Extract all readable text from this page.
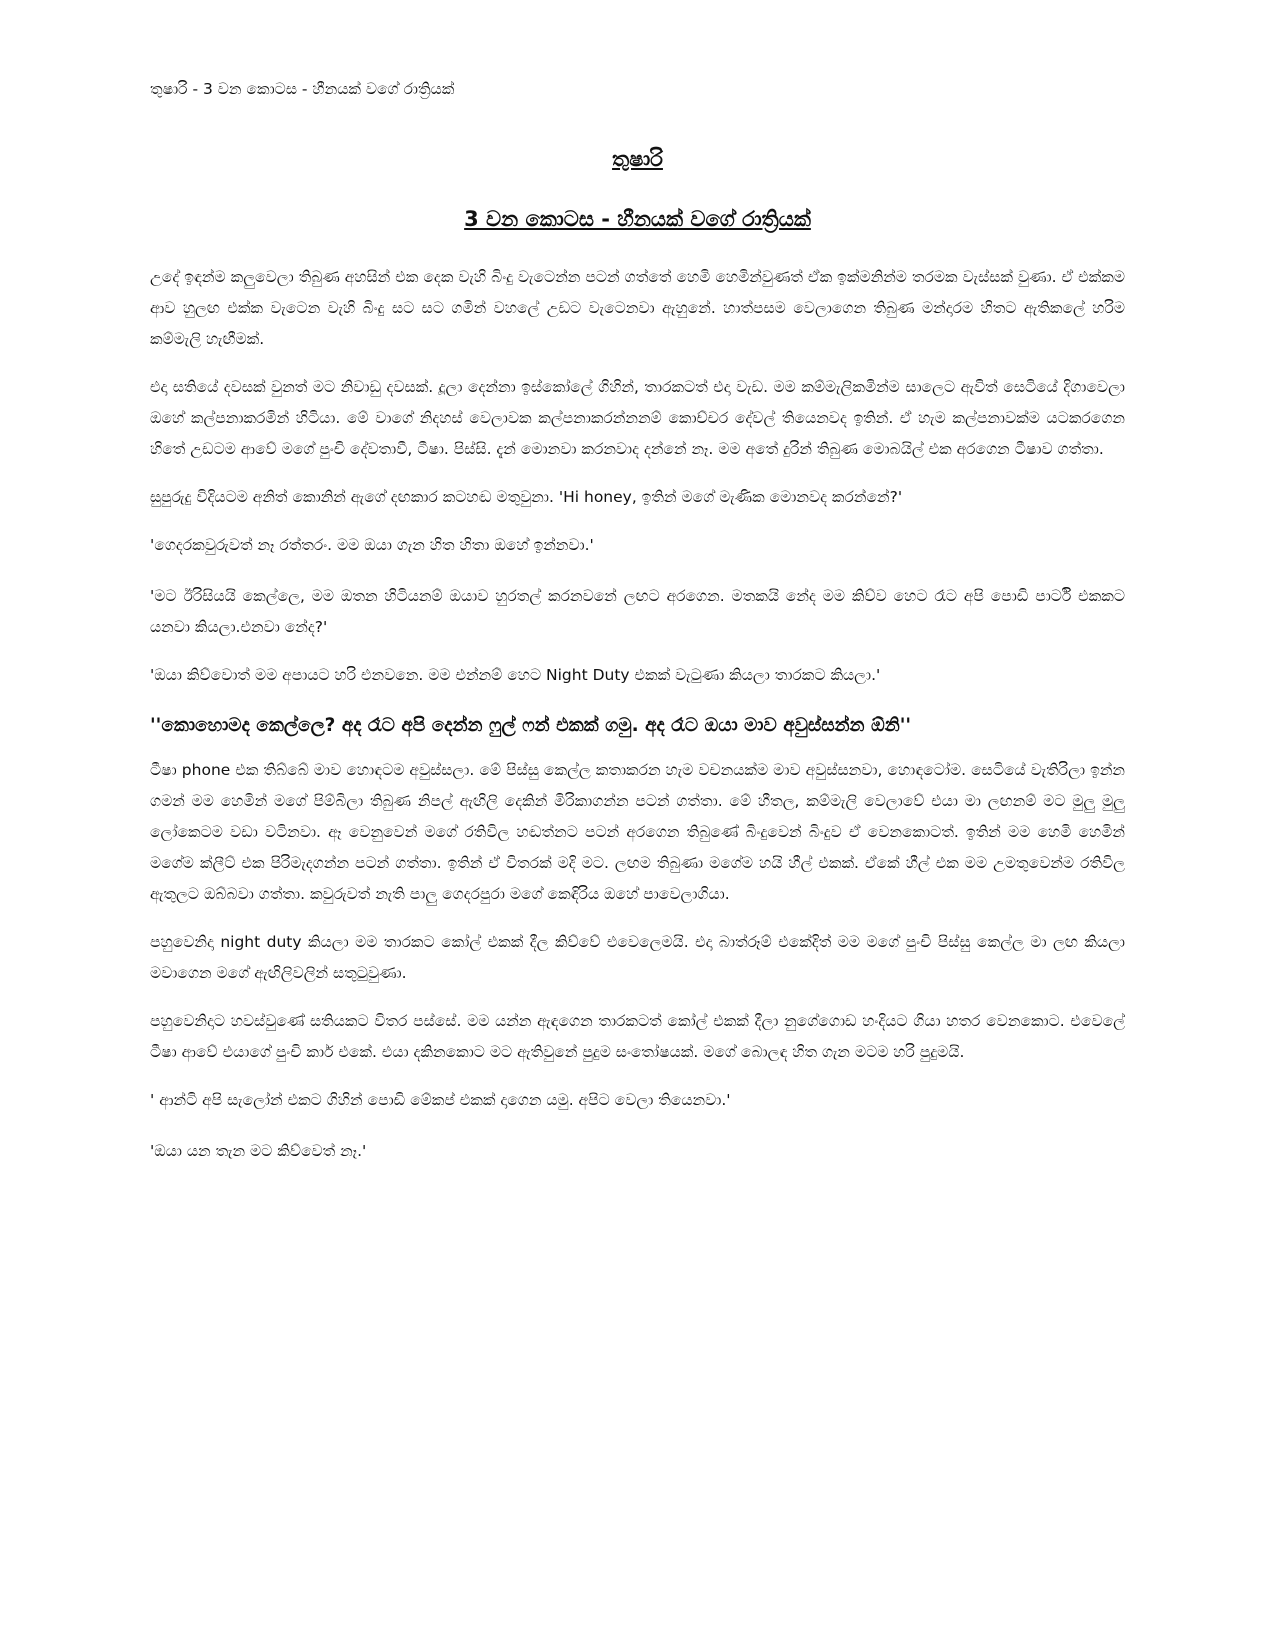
තුෂාරි - 3 වන කොටස - හීනයක් වගේ රාත්‍රියක්
තුෂාරි
3 වන කොටස - හීනයක් වගේ රාත්‍රියක්

උදේ ඉඳන්ම කලුවෙලා තිබුණ අහසින් එක දෙක වැහි බිංදු වැටෙන්න පටන් ගත්තේ හෙමි හෙමින්වුණත් ඒක ඉක්මනින්ම තරමක වැස්සක් වුණා. ඒ එක්කම ආව හුලඟ එක්ක වැටෙන වැහි බිංදු සට සට ගමින් වහලේ උඩට වැටෙනවා ඇහුනේ. හාත්පසම වෙලාගෙන තිබුණ මන්දාරම හිතට ඇතිකලේ හරිම කම්මැලි හැඟීමක්.

එදා සතියේ දවසක් වුනත් මට නිවාඩු දවසක්. දූලා දෙන්නා ඉස්කෝලේ ගිහින්, තාරකටත් එදා වැඩ. මම කම්මැලිකමින්ම සාලෙට ඇවිත් සෙටියේ දිගාවෙලා ඔහේ කල්පනාකරමින් හිටියා. මේ වාගේ නිදහස් වෙලාවක කල්පනාකරන්නනම් කොච්චර දේවල් තියෙනවද ඉතින්. ඒ හැම කල්පනාවක්ම යටකරගෙන හිතේ උඩටම ආවේ මගේ පුංචි දේවතාවී, ටීෂා. පිස්සි. දැන් මොනවා කරනවාද දන්නේ නෑ. මම අතේ දුරින් තිබුණ මොබයිල් එක අරගෙන ටීෂාව ගත්තා.

සුපුරුදු විදියටම අනිත් කොනින් ඇගේ දඟකාර කටහඬ මතුවුනා. 'Hi honey, ඉතින් මගේ මැණික මොනවද කරන්නේ?'

'ගෙදරකවුරුවත් නෑ රත්තරං. මම ඔයා ගැන හිත හිතා ඔහේ ඉන්නවා.'

'මට ඊරිසියයි කෙල්ලෙ, මම ඔතන හිටියනම් ඔයාව හුරතල් කරනවනේ ලඟට අරගෙන. මතකයි නේද මම කිව්ව හෙට රෑට අපි පොඩි පාර්ටි එකකට යනවා කියලා.එනවා නේද?'

'ඔයා කිව්වොත් මම අපායට හරි එනවනෙ. මම එන්නම් හෙට Night Duty එකක් වැටුණා කියලා තාරකට කියලා.'

''කොහොමද කෙල්ලෙ? අද රෑට අපි දෙන්න ෆුල් ෆන් එකක් ගමු. අද රෑට ඔයා මාව අවුස්සන්න ඕනි''

ටීෂා phone එක තිබ්බේ මාව හොඳටම අවුස්සලා. මේ පිස්සු කෙල්ල කතාකරන හැම වචනයක්ම මාව අවුස්සනවා, හොඳටෝම. සෙටියේ වැතිරිලා ඉන්න ගමන් මම හෙමින් මගේ පිම්බිලා තිබුණ නිපල් ඇඟිලි දෙකින් මිරිකාගන්න පටන් ගත්තා. මේ හීතල, කම්මැලි වෙලාවේ එයා මා ලඟනම් මට මුලු මුලු ලෝකෙටම වඩා වටිනවා. ඈ වෙනුවෙන් මගේ රතිවිල හඬත්නට පටන් අරගෙන තිබුණේ බිංදුවෙන් බිංදුව ඒ වෙනකොටත්. ඉතින් මම හෙමි හෙමින් මගේම ක්ලීට් එක පිරිමැදගන්න පටන් ගත්තා. ඉතින් ඒ විතරක් මදි මට. ලඟම තිබුණා මගේම හයි හීල් එකක්. ඒකේ හීල් එක මම උමතුවෙන්ම රතිවිල ඇතුලට ඔබ්බවා ගත්තා. කවුරුවත් නැති පාලු ගෙදරපුරා මගේ කෙඳිරිය ඔහේ පාවෙලාගියා.

පහුවෙනිදා night duty කියලා මම තාරකට කෝල් එකක් දීල කිව්වේ එවෙලෙමයි. එදා බාත්රූම් එකේදිත් මම මගේ පුංචි පිස්සු කෙල්ල මා ලඟ කියලා මවාගෙන මගේ ඇඟිලිවලින් සතුටුවුණා.

පහුවෙනිදාට හවස්වුණේ සතියකට විතර පස්සේ. මම යන්න ඇඳගෙන තාරකටත් කෝල් එකක් දීලා නුගේගොඩ හංදියට ගියා හතර වෙනකොට. එවෙලේ ටීෂා ආවේ එයාගේ පුංචි කාර් එකේ. එයා දකිනකොට මට ඇතිවුනේ පුදුම සංතෝෂයක්. මගේ බොලඳ හිත ගැන මටම හරි පුදුමයි.

' ආන්ටි අපි සැලෝන් එකට ගිහින් පොඩි මේකප් එකක් දාගෙන යමු. අපිට වෙලා තියෙනවා.'

'ඔයා යන තැන මට කිව්වෙත් නෑ.'
